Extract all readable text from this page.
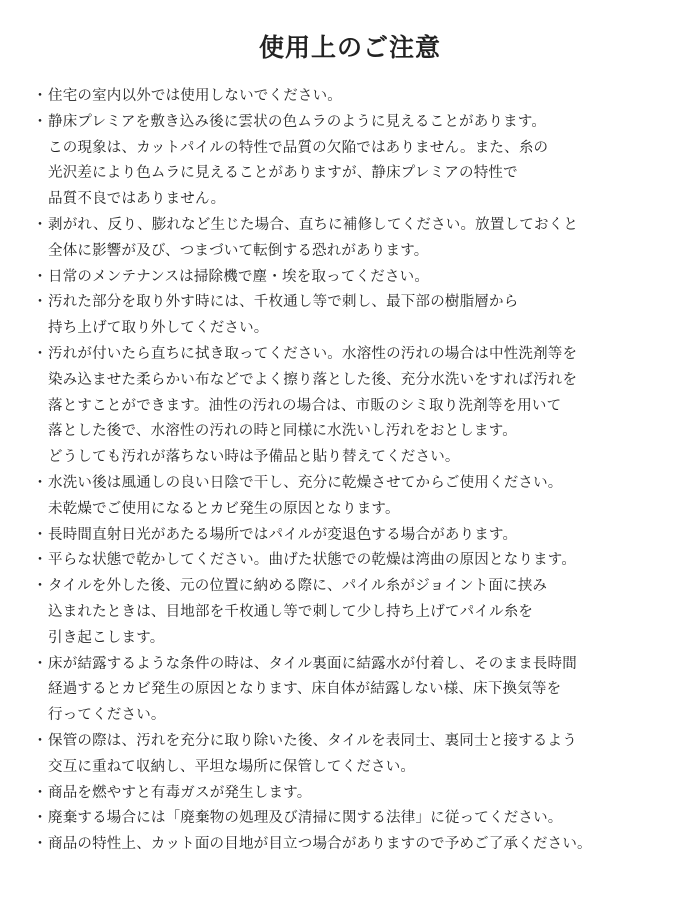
使用上のご注意
・ 住宅の室内以外では使用しないでください。
・ 静床プレミアを敷き込み後に雲状の色ムラのように見えることがあります。
この現象は、カットパイルの特性で品質の欠陥ではありません。また、糸の
光沢差により色ムラに見えることがありますが、静床プレミアの特性で
品質不良ではありません。
・ 剥がれ、反り、膨れなど生じた場合、直ちに補修してください。放置しておくと
全体に影響が及び、つまづいて転倒する恐れがあります。
・ 日常のメンテナンスは掃除機で塵・埃を取ってください。
・ 汚れた部分を取り外す時には、千枚通し等で刺し、最下部の樹脂層から
持ち上げて取り外してください。
・ 汚れが付いたら直ちに拭き取ってください。水溶性の汚れの場合は中性洗剤等を
染み込ませた柔らかい布などでよく擦り落とした後、充分水洗いをすれば汚れを
落とすことができます。油性の汚れの場合は、市販のシミ取り洗剤等を用いて
落とした後で、水溶性の汚れの時と同様に水洗いし汚れをおとします。
どうしても汚れが落ちない時は予備品と貼り替えてください。
・ 水洗い後は風通しの良い日陰で干し、充分に乾燥させてからご使用ください。
未乾燥でご使用になるとカビ発生の原因となります。
・ 長時間直射日光があたる場所ではパイルが変退色する場合があります。
・ 平らな状態で乾かしてください。曲げた状態での乾燥は湾曲の原因となります。
・ タイルを外した後、元の位置に納める際に、パイル糸がジョイント面に挟み
込まれたときは、目地部を千枚通し等で刺して少し持ち上げてパイル糸を
引き起こします。
・ 床が結露するような条件の時は、タイル裏面に結露水が付着し、そのまま長時間
経過するとカビ発生の原因となります、床自体が結露しない様、床下換気等を
行ってください。
・ 保管の際は、汚れを充分に取り除いた後、タイルを表同士、裏同士と接するよう
交互に重ねて収納し、平坦な場所に保管してください。
・ 商品を燃やすと有毒ガスが発生します。
・ 廃棄する場合には「廃棄物の処理及び清掃に関する法律」に従ってください。
・ 商品の特性上、カット面の目地が目立つ場合がありますので予めご了承ください。
